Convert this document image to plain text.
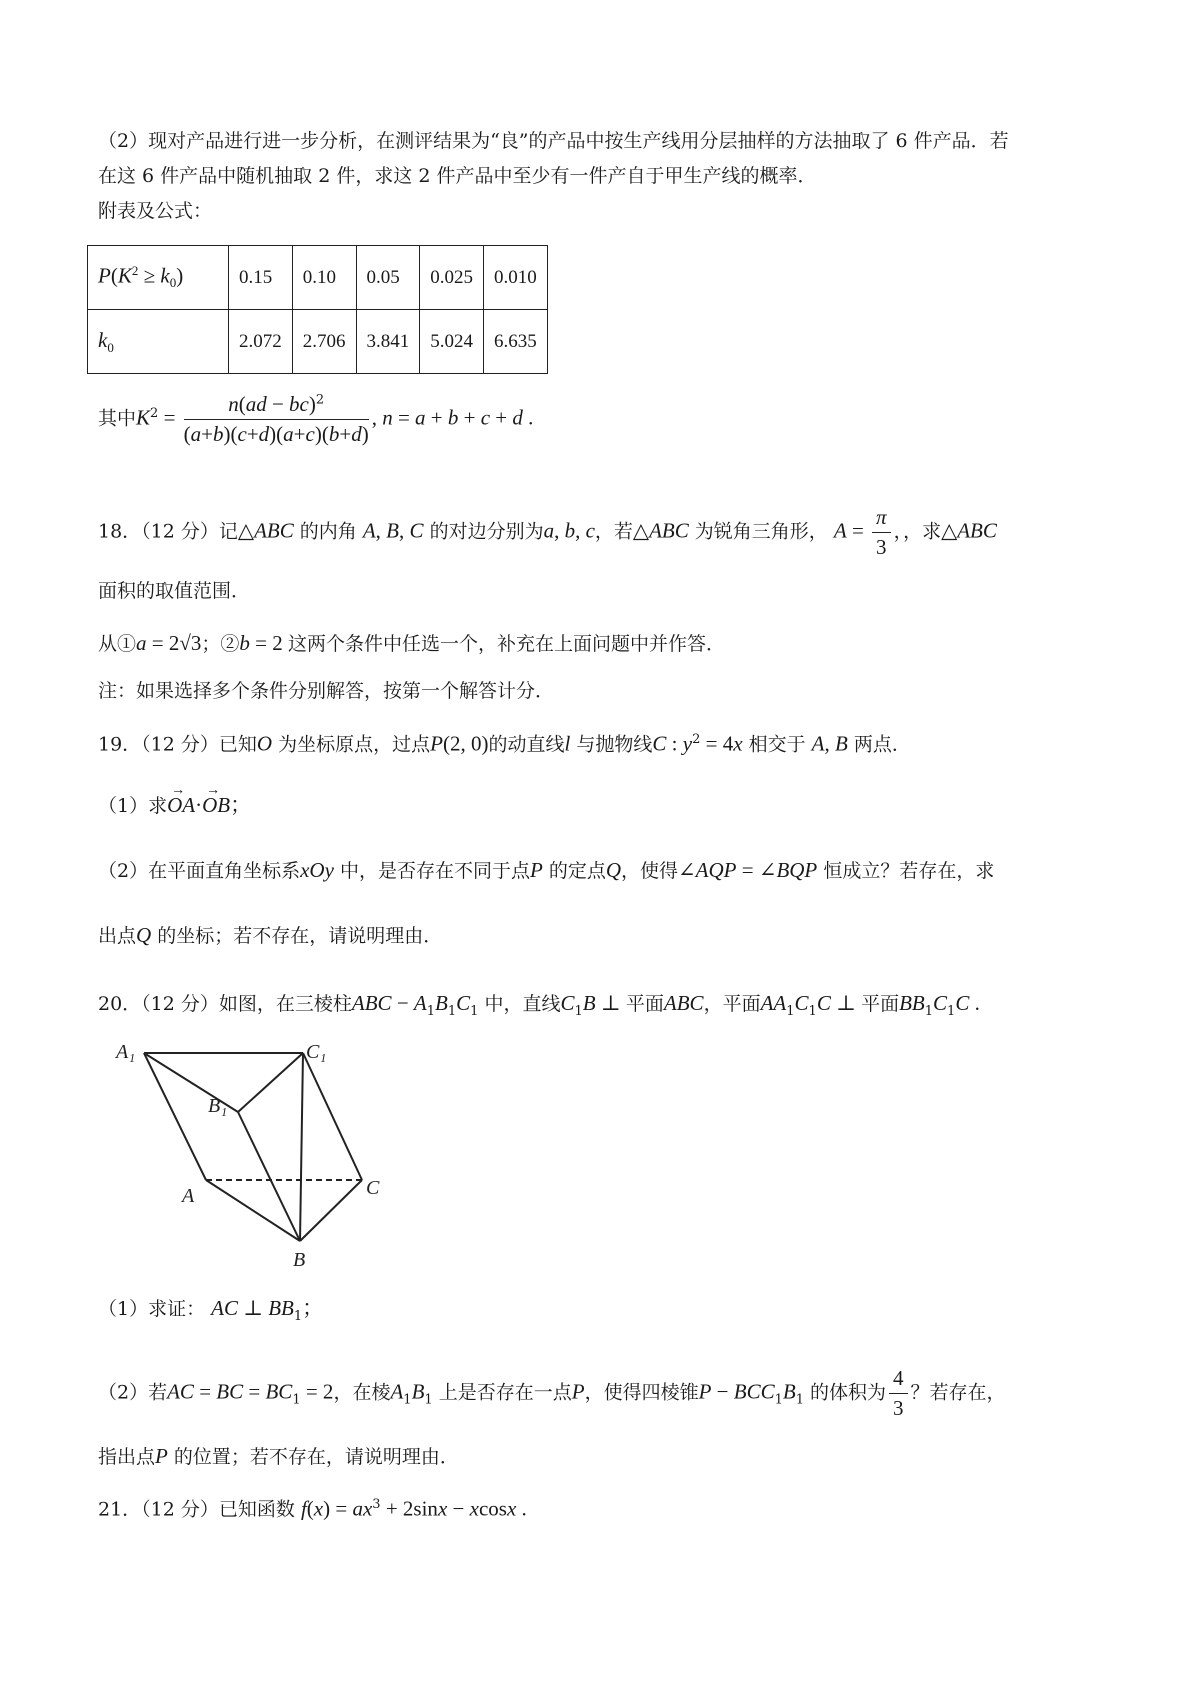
（2）现对产品进行进一步分析，在测评结果为“良”的产品中按生产线用分层抽样的方法抽取了 6 件产品．若
在这 6 件产品中随机抽取 2 件，求这 2 件产品中至少有一件产自于甲生产线的概率．
附表及公式：
$P(K^2 \ge k_0)$	0.15	0.10	0.05	0.025	0.010
$k_0$	2.072	2.706	3.841	5.024	6.635
其中$K^2 = \frac{n(ad - bc)^2}{(a+b)(c+d)(a+c)(b+d)}$ , n = a + b + c + d .
18．（12 分）记△ABC 的内角 A, B, C 的对边分别为a, b, c，若△ABC 为锐角三角形， $A = \frac{\pi}{3}$ ，，求△ABC
面积的取值范围．
从①a = 2√3；②b = 2 这两个条件中任选一个，补充在上面问题中并作答．
注：如果选择多个条件分别解答，按第一个解答计分．
19．（12 分）已知O 为坐标原点，过点P(2, 0)的动直线l 与抛物线C : $y^2 = 4x$ 相交于 A, B 两点．
（1）求→ OA·→ OB；
（2）在平面直角坐标系xOy 中，是否存在不同于点P 的定点Q，使得∠AQP = ∠BQP 恒成立？若存在，求
出点Q 的坐标；若不存在，请说明理由．
20．（12 分）如图，在三棱柱ABC − $A_1B_1C_1$ 中，直线$C_1B$ ⊥ 平面ABC，平面$AA_1C_1C$ ⊥ 平面$BB_1C_1C$ .
A₁	C₁
B₁
A	C
B
（1）求证： AC ⊥ $BB_1$；
（2）若AC = BC = $BC_1 = 2$，在棱$A_1B_1$ 上是否存在一点P，使得四棱锥$P - BCC_1B_1$ 的体积为 $\frac{4}{3}$ ？若存在，
指出点P 的位置；若不存在，请说明理由．
21．（12 分）已知函数 $f(x) = ax^3 + 2\sin x - xcosx$ .
